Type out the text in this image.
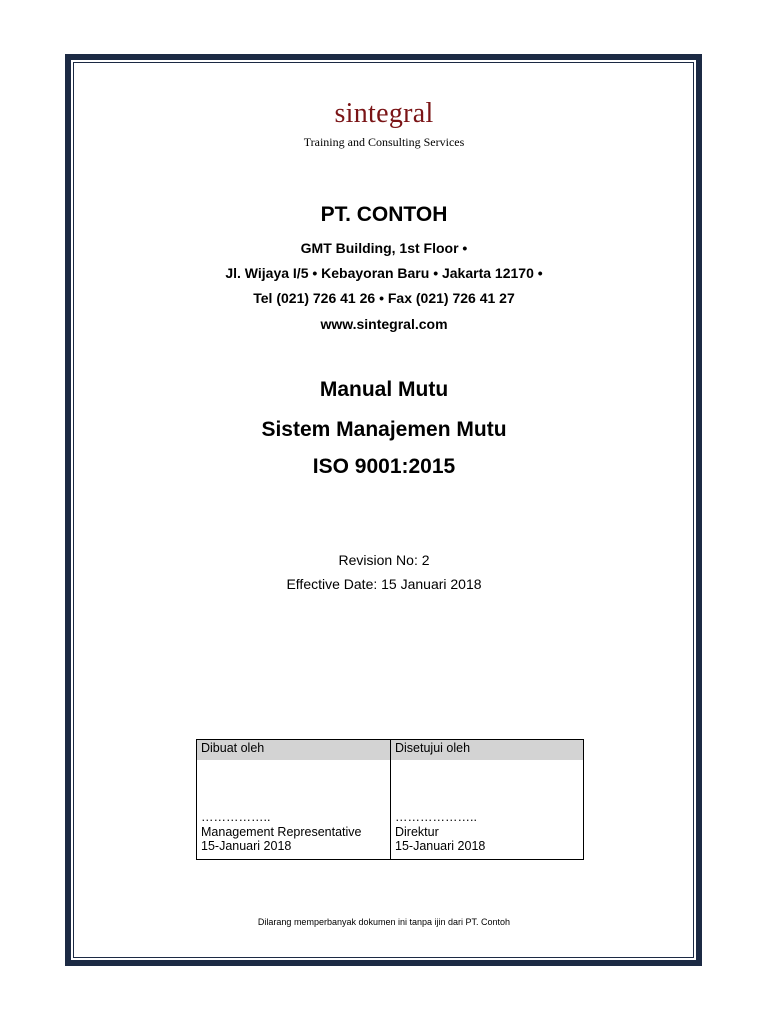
sintegral
Training and Consulting Services
PT. CONTOH
GMT Building, 1st Floor •
Jl. Wijaya I/5 • Kebayoran Baru • Jakarta 12170 •
Tel (021) 726 41 26 • Fax (021) 726 41 27
www.sintegral.com
Manual Mutu
Sistem Manajemen Mutu
ISO 9001:2015
Revision No: 2
Effective Date: 15 Januari 2018
Dibuat oleh
……………..
Management Representative
15-Januari 2018
Disetujui oleh
………………..
Direktur
15-Januari 2018
Dilarang memperbanyak dokumen ini tanpa ijin dari PT. Contoh
